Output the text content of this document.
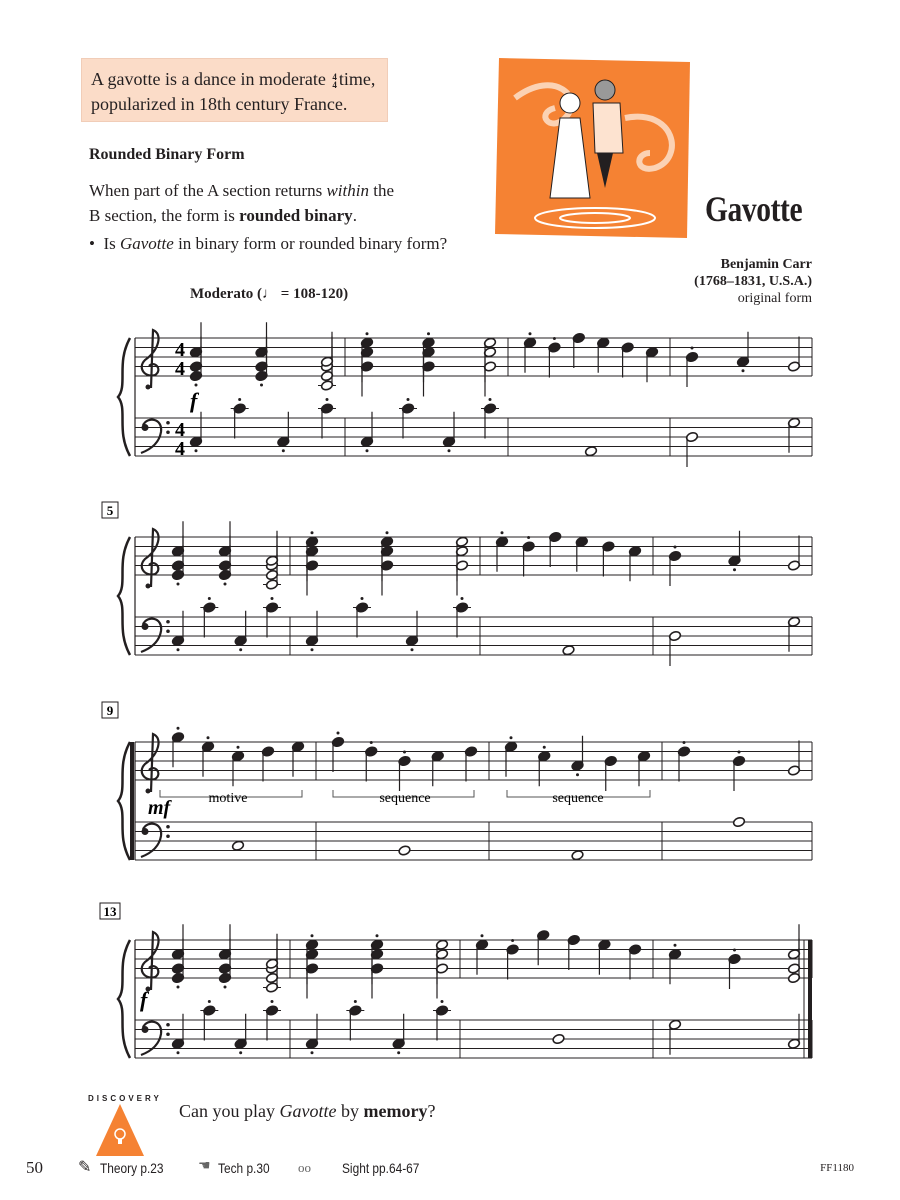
A gavotte is a dance in moderate 4
4 time,
popularized in 18th century France.
Rounded Binary Form
When part of the A section returns within the
B section, the form is rounded binary.
•  Is Gavotte in binary form or rounded binary form?
Gavotte
Benjamin Carr
(1768–1831, U.S.A.)
original form
Moderato (♩ = 108-120)
4
4
4
4
5
9
13
f
mf
f
motive	sequence	sequence
DISCOVERY
Can you play Gavotte by memory?
50 ✎ Theory p.23 ☚ Tech p.30 oo Sight pp.64-67	FF1180
